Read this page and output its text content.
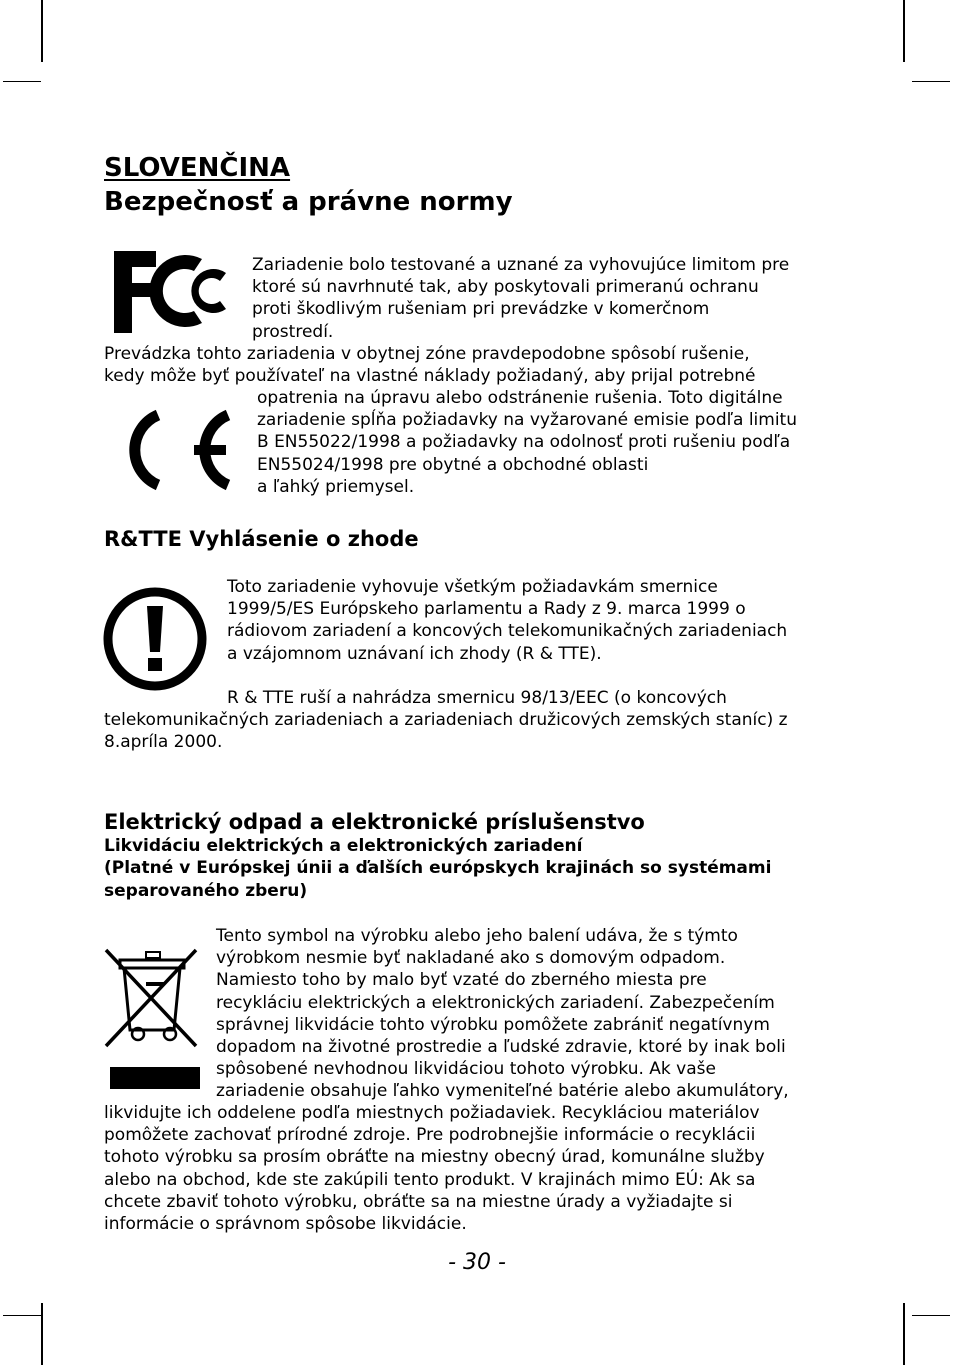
SLOVENČINA
Bezpečnosť a právne normy
Zariadenie bolo testované a uznané za vyhovujúce limitom pre
ktoré sú navrhnuté tak, aby poskytovali primeranú ochranu
proti škodlivým rušeniam pri prevádzke v komerčnom
prostredí.
Prevádzka tohto zariadenia v obytnej zóne pravdepodobne spôsobí rušenie,
kedy môže byť používateľ na vlastné náklady požiadaný, aby prijal potrebné
opatrenia na úpravu alebo odstránenie rušenia. Toto digitálne
zariadenie spĺňa požiadavky na vyžarované emisie podľa limitu
B EN55022/1998 a požiadavky na odolnosť proti rušeniu podľa
EN55024/1998 pre obytné a obchodné oblasti
a ľahký priemysel.
R&TTE Vyhlásenie o zhode
Toto zariadenie vyhovuje všetkým požiadavkám smernice
1999/5/ES Európskeho parlamentu a Rady z 9. marca 1999 o
rádiovom zariadení a koncových telekomunikačných zariadeniach
a vzájomnom uznávaní ich zhody (R & TTE).
R & TTE ruší a nahrádza smernicu 98/13/EEC (o koncových
telekomunikačných zariadeniach a zariadeniach družicových zemských staníc) z
8.apríla 2000.
Elektrický odpad a elektronické príslušenstvo
Likvidáciu elektrických a elektronických zariadení
(Platné v Európskej únii a ďalších európskych krajinách so systémami
separovaného zberu)
Tento symbol na výrobku alebo jeho balení udáva, že s týmto
výrobkom nesmie byť nakladané ako s domovým odpadom.
Namiesto toho by malo byť vzaté do zberného miesta pre
recykláciu elektrických a elektronických zariadení. Zabezpečením
správnej likvidácie tohto výrobku pomôžete zabrániť negatívnym
dopadom na životné prostredie a ľudské zdravie, ktoré by inak boli
spôsobené nevhodnou likvidáciou tohoto výrobku. Ak vaše
zariadenie obsahuje ľahko vymeniteľné batérie alebo akumulátory,
likvidujte ich oddelene podľa miestnych požiadaviek. Recykláciou materiálov
pomôžete zachovať prírodné zdroje. Pre podrobnejšie informácie o recyklácii
tohoto výrobku sa prosím obráťte na miestny obecný úrad, komunálne služby
alebo na obchod, kde ste zakúpili tento produkt. V krajinách mimo EÚ: Ak sa
chcete zbaviť tohoto výrobku, obráťte sa na miestne úrady a vyžiadajte si
informácie o správnom spôsobe likvidácie.
- 30 -
